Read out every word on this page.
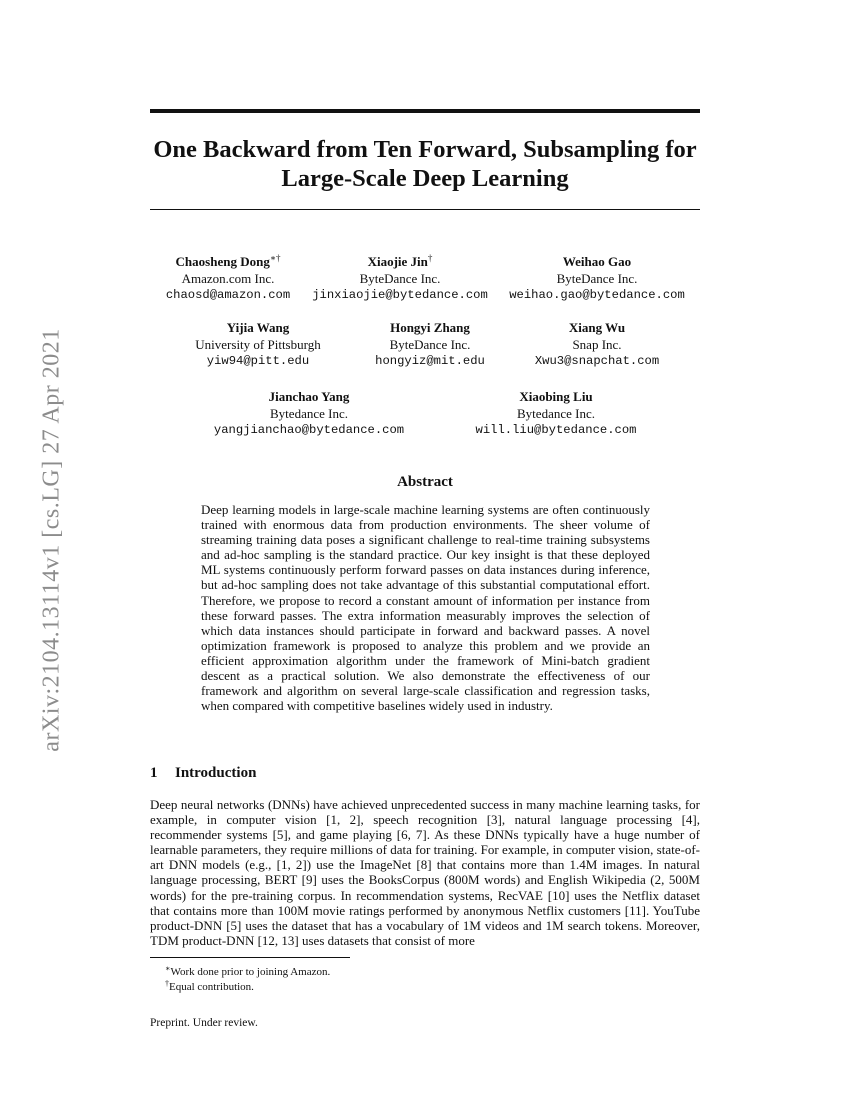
arXiv:2104.13114v1 [cs.LG] 27 Apr 2021
One Backward from Ten Forward, Subsampling for Large-Scale Deep Learning
Chaosheng Dong∗†
Amazon.com Inc.
chaosd@amazon.com
Xiaojie Jin†
ByteDance Inc.
jinxiaojie@bytedance.com
Weihao Gao
ByteDance Inc.
weihao.gao@bytedance.com
Yijia Wang
University of Pittsburgh
yiw94@pitt.edu
Hongyi Zhang
ByteDance Inc.
hongyiz@mit.edu
Xiang Wu
Snap Inc.
Xwu3@snapchat.com
Jianchao Yang
Bytedance Inc.
yangjianchao@bytedance.com
Xiaobing Liu
Bytedance Inc.
will.liu@bytedance.com
Abstract
Deep learning models in large-scale machine learning systems are often continuously trained with enormous data from production environments. The sheer volume of streaming training data poses a significant challenge to real-time training subsystems and ad-hoc sampling is the standard practice. Our key insight is that these deployed ML systems continuously perform forward passes on data instances during inference, but ad-hoc sampling does not take advantage of this substantial computational effort. Therefore, we propose to record a constant amount of information per instance from these forward passes. The extra information measurably improves the selection of which data instances should participate in forward and backward passes. A novel optimization framework is proposed to analyze this problem and we provide an efficient approximation algorithm under the framework of Mini-batch gradient descent as a practical solution. We also demonstrate the effectiveness of our framework and algorithm on several large-scale classification and regression tasks, when compared with competitive baselines widely used in industry.
1 Introduction
Deep neural networks (DNNs) have achieved unprecedented success in many machine learning tasks, for example, in computer vision [1, 2], speech recognition [3], natural language processing [4], recommender systems [5], and game playing [6, 7]. As these DNNs typically have a huge number of learnable parameters, they require millions of data for training. For example, in computer vision, state-of-art DNN models (e.g., [1, 2]) use the ImageNet [8] that contains more than 1.4M images. In natural language processing, BERT [9] uses the BooksCorpus (800M words) and English Wikipedia (2, 500M words) for the pre-training corpus. In recommendation systems, RecVAE [10] uses the Netflix dataset that contains more than 100M movie ratings performed by anonymous Netflix customers [11]. YouTube product-DNN [5] uses the dataset that has a vocabulary of 1M videos and 1M search tokens. Moreover, TDM product-DNN [12, 13] uses datasets that consist of more
∗Work done prior to joining Amazon.
†Equal contribution.
Preprint. Under review.
